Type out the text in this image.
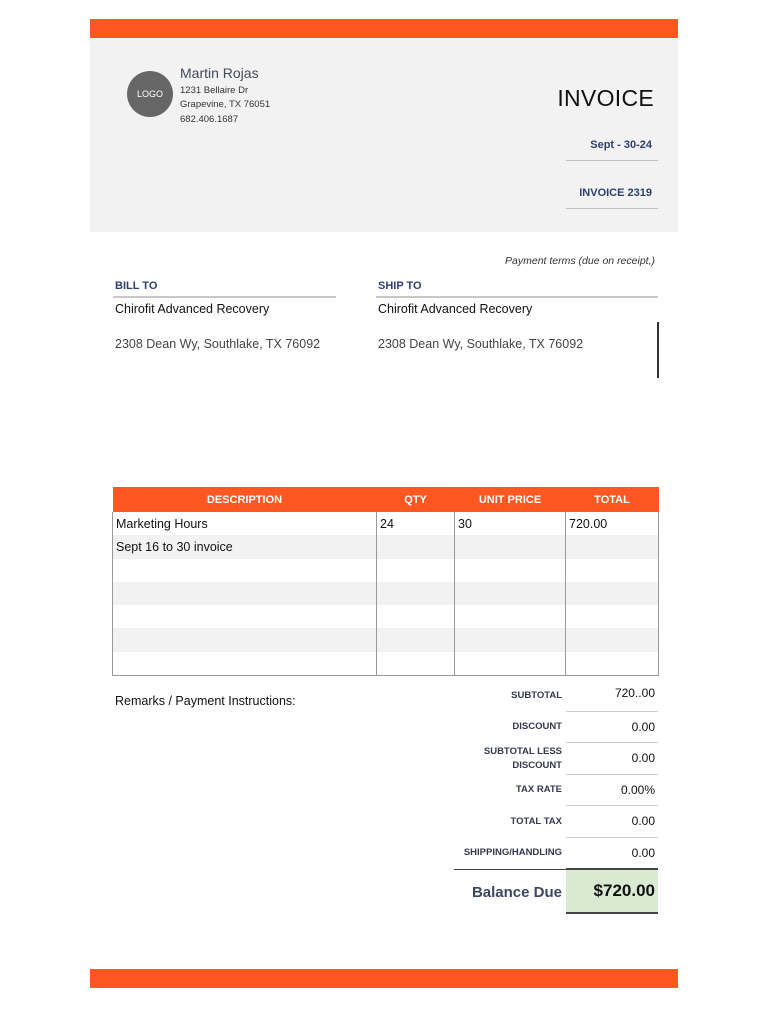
LOGO
Martin Rojas
1231 Bellaire Dr
Grapevine, TX 76051
682.406.1687
INVOICE
Sept - 30-24
INVOICE 2319
Payment terms (due on receipt,)
BILL TO
Chirofit Advanced Recovery
2308 Dean Wy, Southlake, TX 76092
SHIP TO
Chirofit Advanced Recovery
2308 Dean Wy, Southlake, TX 76092
DESCRIPTION	QTY	UNIT PRICE	TOTAL
Marketing Hours	24	30	720.00
Sept 16 to 30 invoice			

Remarks / Payment Instructions:	SUBTOTAL	720..00
DISCOUNT	0.00
SUBTOTAL LESS DISCOUNT	0.00
TAX RATE	0.00%
TOTAL TAX	0.00
SHIPPING/HANDLING	0.00
Balance Due	$720.00
